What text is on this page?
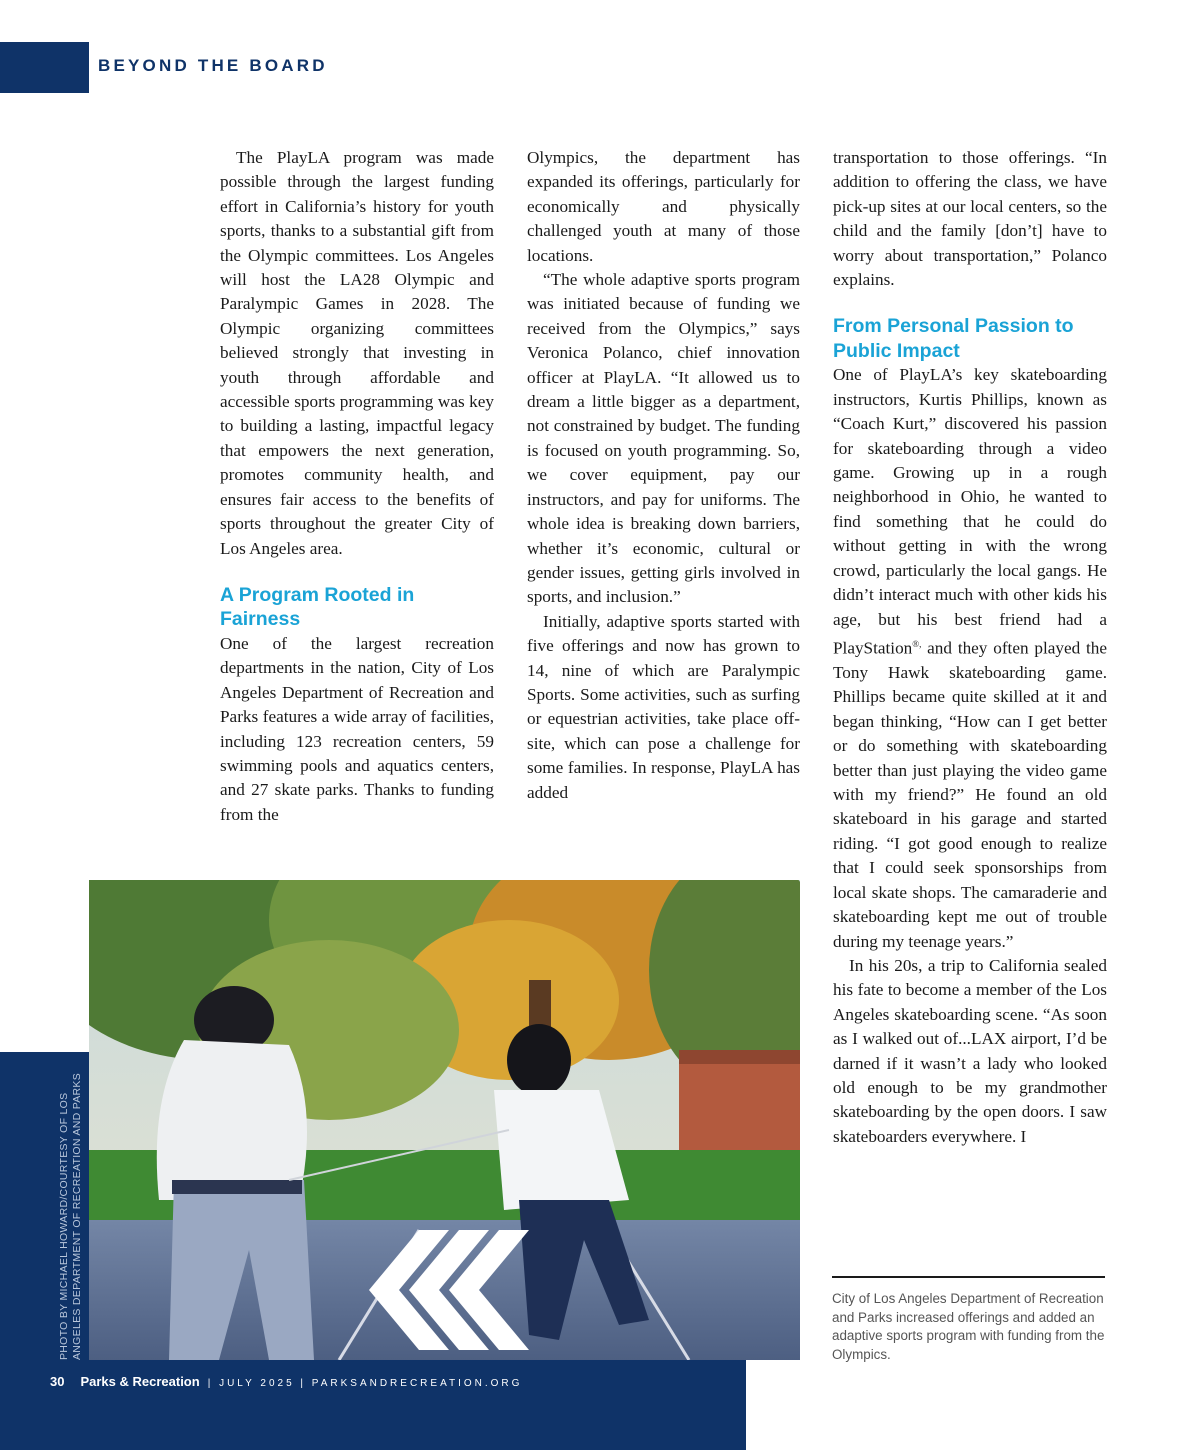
BEYOND THE BOARD

The PlayLA program was made possible through the largest funding effort in California’s history for youth sports, thanks to a substantial gift from the Olympic committees. Los Angeles will host the LA28 Olympic and Paralympic Games in 2028. The Olympic organizing committees believed strongly that investing in youth through affordable and accessible sports programming was key to building a lasting, impactful legacy that empowers the next generation, promotes community health, and ensures fair access to the benefits of sports throughout the greater City of Los Angeles area.

A Program Rooted in Fairness

One of the largest recreation departments in the nation, City of Los Angeles Department of Recreation and Parks features a wide array of facilities, including 123 recreation centers, 59 swimming pools and aquatics centers, and 27 skate parks. Thanks to funding from the

Olympics, the department has expanded its offerings, particularly for economically and physically challenged youth at many of those locations.

“The whole adaptive sports program was initiated because of funding we received from the Olympics,” says Veronica Polanco, chief innovation officer at PlayLA. “It allowed us to dream a little bigger as a department, not constrained by budget. The funding is focused on youth programming. So, we cover equipment, pay our instructors, and pay for uniforms. The whole idea is breaking down barriers, whether it’s economic, cultural or gender issues, getting girls involved in sports, and inclusion.”

Initially, adaptive sports started with five offerings and now has grown to 14, nine of which are Paralympic Sports. Some activities, such as surfing or equestrian activities, take place off-site, which can pose a challenge for some families. In response, PlayLA has added

transportation to those offerings. “In addition to offering the class, we have pick-up sites at our local centers, so the child and the family [don’t] have to worry about transportation,” Polanco explains.

From Personal Passion to Public Impact

One of PlayLA’s key skateboarding instructors, Kurtis Phillips, known as “Coach Kurt,” discovered his passion for skateboarding through a video game. Growing up in a rough neighborhood in Ohio, he wanted to find something that he could do without getting in with the wrong crowd, particularly the local gangs. He didn’t interact much with other kids his age, but his best friend had a PlayStation®, and they often played the Tony Hawk skateboarding game. Phillips became quite skilled at it and began thinking, “How can I get better or do something with skateboarding better than just playing the video game with my friend?” He found an old skateboard in his garage and started riding. “I got good enough to realize that I could seek sponsorships from local skate shops. The camaraderie and skateboarding kept me out of trouble during my teenage years.”

In his 20s, a trip to California sealed his fate to become a member of the Los Angeles skateboarding scene. “As soon as I walked out of...LAX airport, I’d be darned if it wasn’t a lady who looked old enough to be my grandmother skateboarding by the open doors. I saw skateboarders everywhere. I

PHOTO BY MICHAEL HOWARD/COURTESY OF LOS ANGELES DEPARTMENT OF RECREATION AND PARKS
30 Parks & Recreation | JULY 2025 | PARKSANDRECREATION.ORG
City of Los Angeles Department of Recreation and Parks increased offerings and added an adaptive sports program with funding from the Olympics.
